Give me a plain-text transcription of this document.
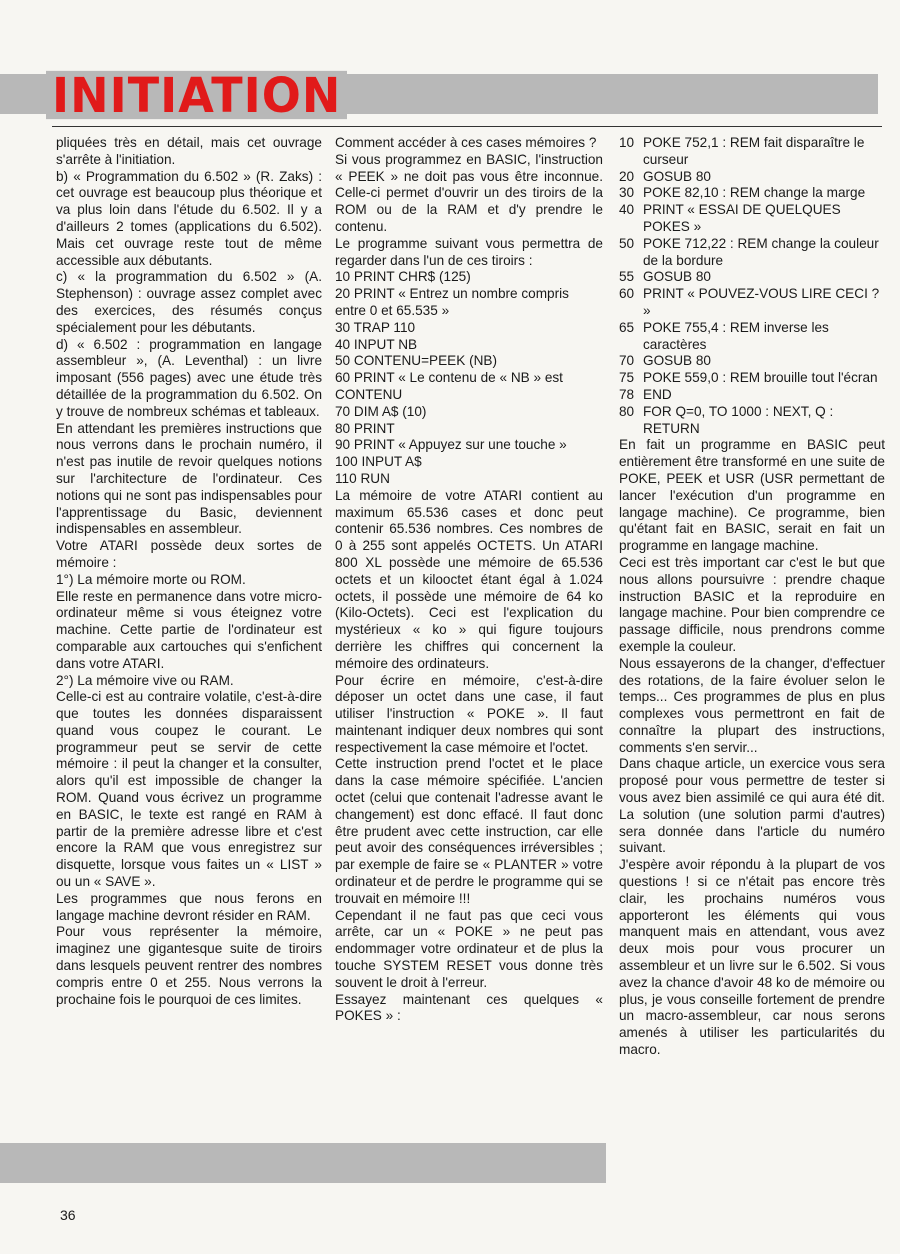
INITIATION

pliquées très en détail, mais cet ouvrage s'arrête à l'initiation.

b) « Programmation du 6.502 » (R. Zaks) : cet ouvrage est beaucoup plus théorique et va plus loin dans l'étude du 6.502. Il y a d'ailleurs 2 tomes (applications du 6.502). Mais cet ouvrage reste tout de même accessible aux débutants.

c) « la programmation du 6.502 » (A. Stephenson) : ouvrage assez complet avec des exercices, des résumés conçus spécialement pour les débutants.

d) « 6.502 : programmation en langage assembleur », (A. Leventhal) : un livre imposant (556 pages) avec une étude très détaillée de la programmation du 6.502. On y trouve de nombreux schémas et tableaux.

En attendant les premières instructions que nous verrons dans le prochain numéro, il n'est pas inutile de revoir quelques notions sur l'architecture de l'ordinateur. Ces notions qui ne sont pas indispensables pour l'apprentissage du Basic, deviennent indispensables en assembleur.

Votre ATARI possède deux sortes de mémoire :

1°) La mémoire morte ou ROM.

Elle reste en permanence dans votre micro-ordinateur même si vous éteignez votre machine. Cette partie de l'ordinateur est comparable aux cartouches qui s'enfichent dans votre ATARI.

2°) La mémoire vive ou RAM.

Celle-ci est au contraire volatile, c'est-à-dire que toutes les données disparaissent quand vous coupez le courant. Le programmeur peut se servir de cette mémoire : il peut la changer et la consulter, alors qu'il est impossible de changer la ROM. Quand vous écrivez un programme en BASIC, le texte est rangé en RAM à partir de la première adresse libre et c'est encore la RAM que vous enregistrez sur disquette, lorsque vous faites un « LIST » ou un « SAVE ».

Les programmes que nous ferons en langage machine devront résider en RAM.

Pour vous représenter la mémoire, imaginez une gigantesque suite de tiroirs dans lesquels peuvent rentrer des nombres compris entre 0 et 255. Nous verrons la prochaine fois le pourquoi de ces limites.

Comment accéder à ces cases mémoires ?

Si vous programmez en BASIC, l'instruction « PEEK » ne doit pas vous être inconnue. Celle-ci permet d'ouvrir un des tiroirs de la ROM ou de la RAM et d'y prendre le contenu.

Le programme suivant vous permettra de regarder dans l'un de ces tiroirs :

10 PRINT CHR$ (125)
20 PRINT « Entrez un nombre compris entre 0 et 65.535 »
30 TRAP 110
40 INPUT NB
50 CONTENU=PEEK (NB)
60 PRINT « Le contenu de « NB » est CONTENU
70 DIM A$ (10)
80 PRINT
90 PRINT « Appuyez sur une touche »
100 INPUT A$
110 RUN

La mémoire de votre ATARI contient au maximum 65.536 cases et donc peut contenir 65.536 nombres. Ces nombres de 0 à 255 sont appelés OCTETS. Un ATARI 800 XL possède une mémoire de 65.536 octets et un kilooctet étant égal à 1.024 octets, il possède une mémoire de 64 ko (Kilo-Octets). Ceci est l'explication du mystérieux « ko » qui figure toujours derrière les chiffres qui concernent la mémoire des ordinateurs.

Pour écrire en mémoire, c'est-à-dire déposer un octet dans une case, il faut utiliser l'instruction « POKE ». Il faut maintenant indiquer deux nombres qui sont respectivement la case mémoire et l'octet.

Cette instruction prend l'octet et le place dans la case mémoire spécifiée. L'ancien octet (celui que contenait l'adresse avant le changement) est donc effacé. Il faut donc être prudent avec cette instruction, car elle peut avoir des conséquences irréversibles ; par exemple de faire se « PLANTER » votre ordinateur et de perdre le programme qui se trouvait en mémoire !!!

Cependant il ne faut pas que ceci vous arrête, car un « POKE » ne peut pas endommager votre ordinateur et de plus la touche SYSTEM RESET vous donne très souvent le droit à l'erreur.

Essayez maintenant ces quelques « POKES » :

10 POKE 752,1 : REM fait disparaître le curseur
20 GOSUB 80
30 POKE 82,10 : REM change la marge
40 PRINT « ESSAI DE QUELQUES POKES »
50 POKE 712,22 : REM change la couleur de la bordure
55 GOSUB 80
60 PRINT « POUVEZ-VOUS LIRE CECI ? »
65 POKE 755,4 : REM inverse les caractères
70 GOSUB 80
75 POKE 559,0 : REM brouille tout l'écran
78 END
80 FOR Q=0, TO 1000 : NEXT, Q : RETURN

En fait un programme en BASIC peut entièrement être transformé en une suite de POKE, PEEK et USR (USR permettant de lancer l'exécution d'un programme en langage machine). Ce programme, bien qu'étant fait en BASIC, serait en fait un programme en langage machine.

Ceci est très important car c'est le but que nous allons poursuivre : prendre chaque instruction BASIC et la reproduire en langage machine. Pour bien comprendre ce passage difficile, nous prendrons comme exemple la couleur.

Nous essayerons de la changer, d'effectuer des rotations, de la faire évoluer selon le temps... Ces programmes de plus en plus complexes vous permettront en fait de connaître la plupart des instructions, comments s'en servir...

Dans chaque article, un exercice vous sera proposé pour vous permettre de tester si vous avez bien assimilé ce qui aura été dit. La solution (une solution parmi d'autres) sera donnée dans l'article du numéro suivant.

J'espère avoir répondu à la plupart de vos questions ! si ce n'était pas encore très clair, les prochains numéros vous apporteront les éléments qui vous manquent mais en attendant, vous avez deux mois pour vous procurer un assembleur et un livre sur le 6.502. Si vous avez la chance d'avoir 48 ko de mémoire ou plus, je vous conseille fortement de prendre un macro-assembleur, car nous serons amenés à utiliser les particularités du macro.

36
